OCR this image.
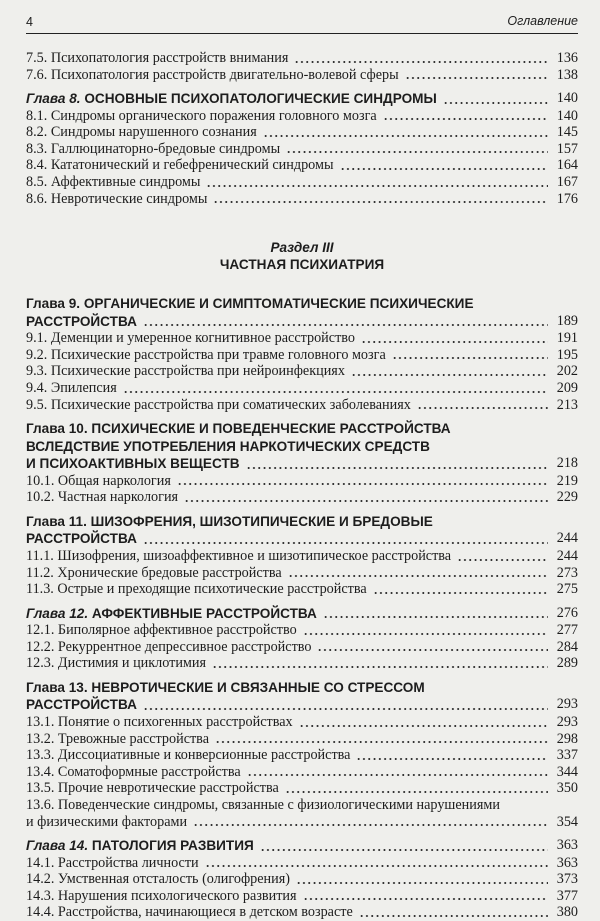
4	Оглавление
7.5. Психопатология расстройств внимания	136
7.6. Психопатология расстройств двигательно-волевой сферы	138
Глава 8. ОСНОВНЫЕ ПСИХОПАТОЛОГИЧЕСКИЕ СИНДРОМЫ	140
8.1. Синдромы органического поражения головного мозга	140
8.2. Синдромы нарушенного сознания	145
8.3. Галлюцинаторно-бредовые синдромы	157
8.4. Кататонический и гебефренический синдромы	164
8.5. Аффективные синдромы	167
8.6. Невротические синдромы	176
Раздел III
ЧАСТНАЯ ПСИХИАТРИЯ
Глава 9. ОРГАНИЧЕСКИЕ И СИМПТОМАТИЧЕСКИЕ ПСИХИЧЕСКИЕ
РАССТРОЙСТВА	189
9.1. Деменции и умеренное когнитивное расстройство	191
9.2. Психические расстройства при травме головного мозга	195
9.3. Психические расстройства при нейроинфекциях	202
9.4. Эпилепсия	209
9.5. Психические расстройства при соматических заболеваниях	213
Глава 10. ПСИХИЧЕСКИЕ И ПОВЕДЕНЧЕСКИЕ РАССТРОЙСТВА
ВСЛЕДСТВИЕ УПОТРЕБЛЕНИЯ НАРКОТИЧЕСКИХ СРЕДСТВ
И ПСИХОАКТИВНЫХ ВЕЩЕСТВ	218
10.1. Общая наркология	219
10.2. Частная наркология	229
Глава 11. ШИЗОФРЕНИЯ, ШИЗОТИПИЧЕСКИЕ И БРЕДОВЫЕ
РАССТРОЙСТВА	244
11.1. Шизофрения, шизоаффективное и шизотипическое расстройства	244
11.2. Хронические бредовые расстройства	273
11.3. Острые и преходящие психотические расстройства	275
Глава 12. АФФЕКТИВНЫЕ РАССТРОЙСТВА	276
12.1. Биполярное аффективное расстройство	277
12.2. Рекуррентное депрессивное расстройство	284
12.3. Дистимия и циклотимия	289
Глава 13. НЕВРОТИЧЕСКИЕ И СВЯЗАННЫЕ СО СТРЕССОМ
РАССТРОЙСТВА	293
13.1. Понятие о психогенных расстройствах	293
13.2. Тревожные расстройства	298
13.3. Диссоциативные и конверсионные расстройства	337
13.4. Соматоформные расстройства	344
13.5. Прочие невротические расстройства	350
13.6. Поведенческие синдромы, связанные с физиологическими нарушениями
и физическими факторами	354
Глава 14. ПАТОЛОГИЯ РАЗВИТИЯ	363
14.1. Расстройства личности	363
14.2. Умственная отсталость (олигофрения)	373
14.3. Нарушения психологического развития	377
14.4. Расстройства, начинающиеся в детском возрасте	380
